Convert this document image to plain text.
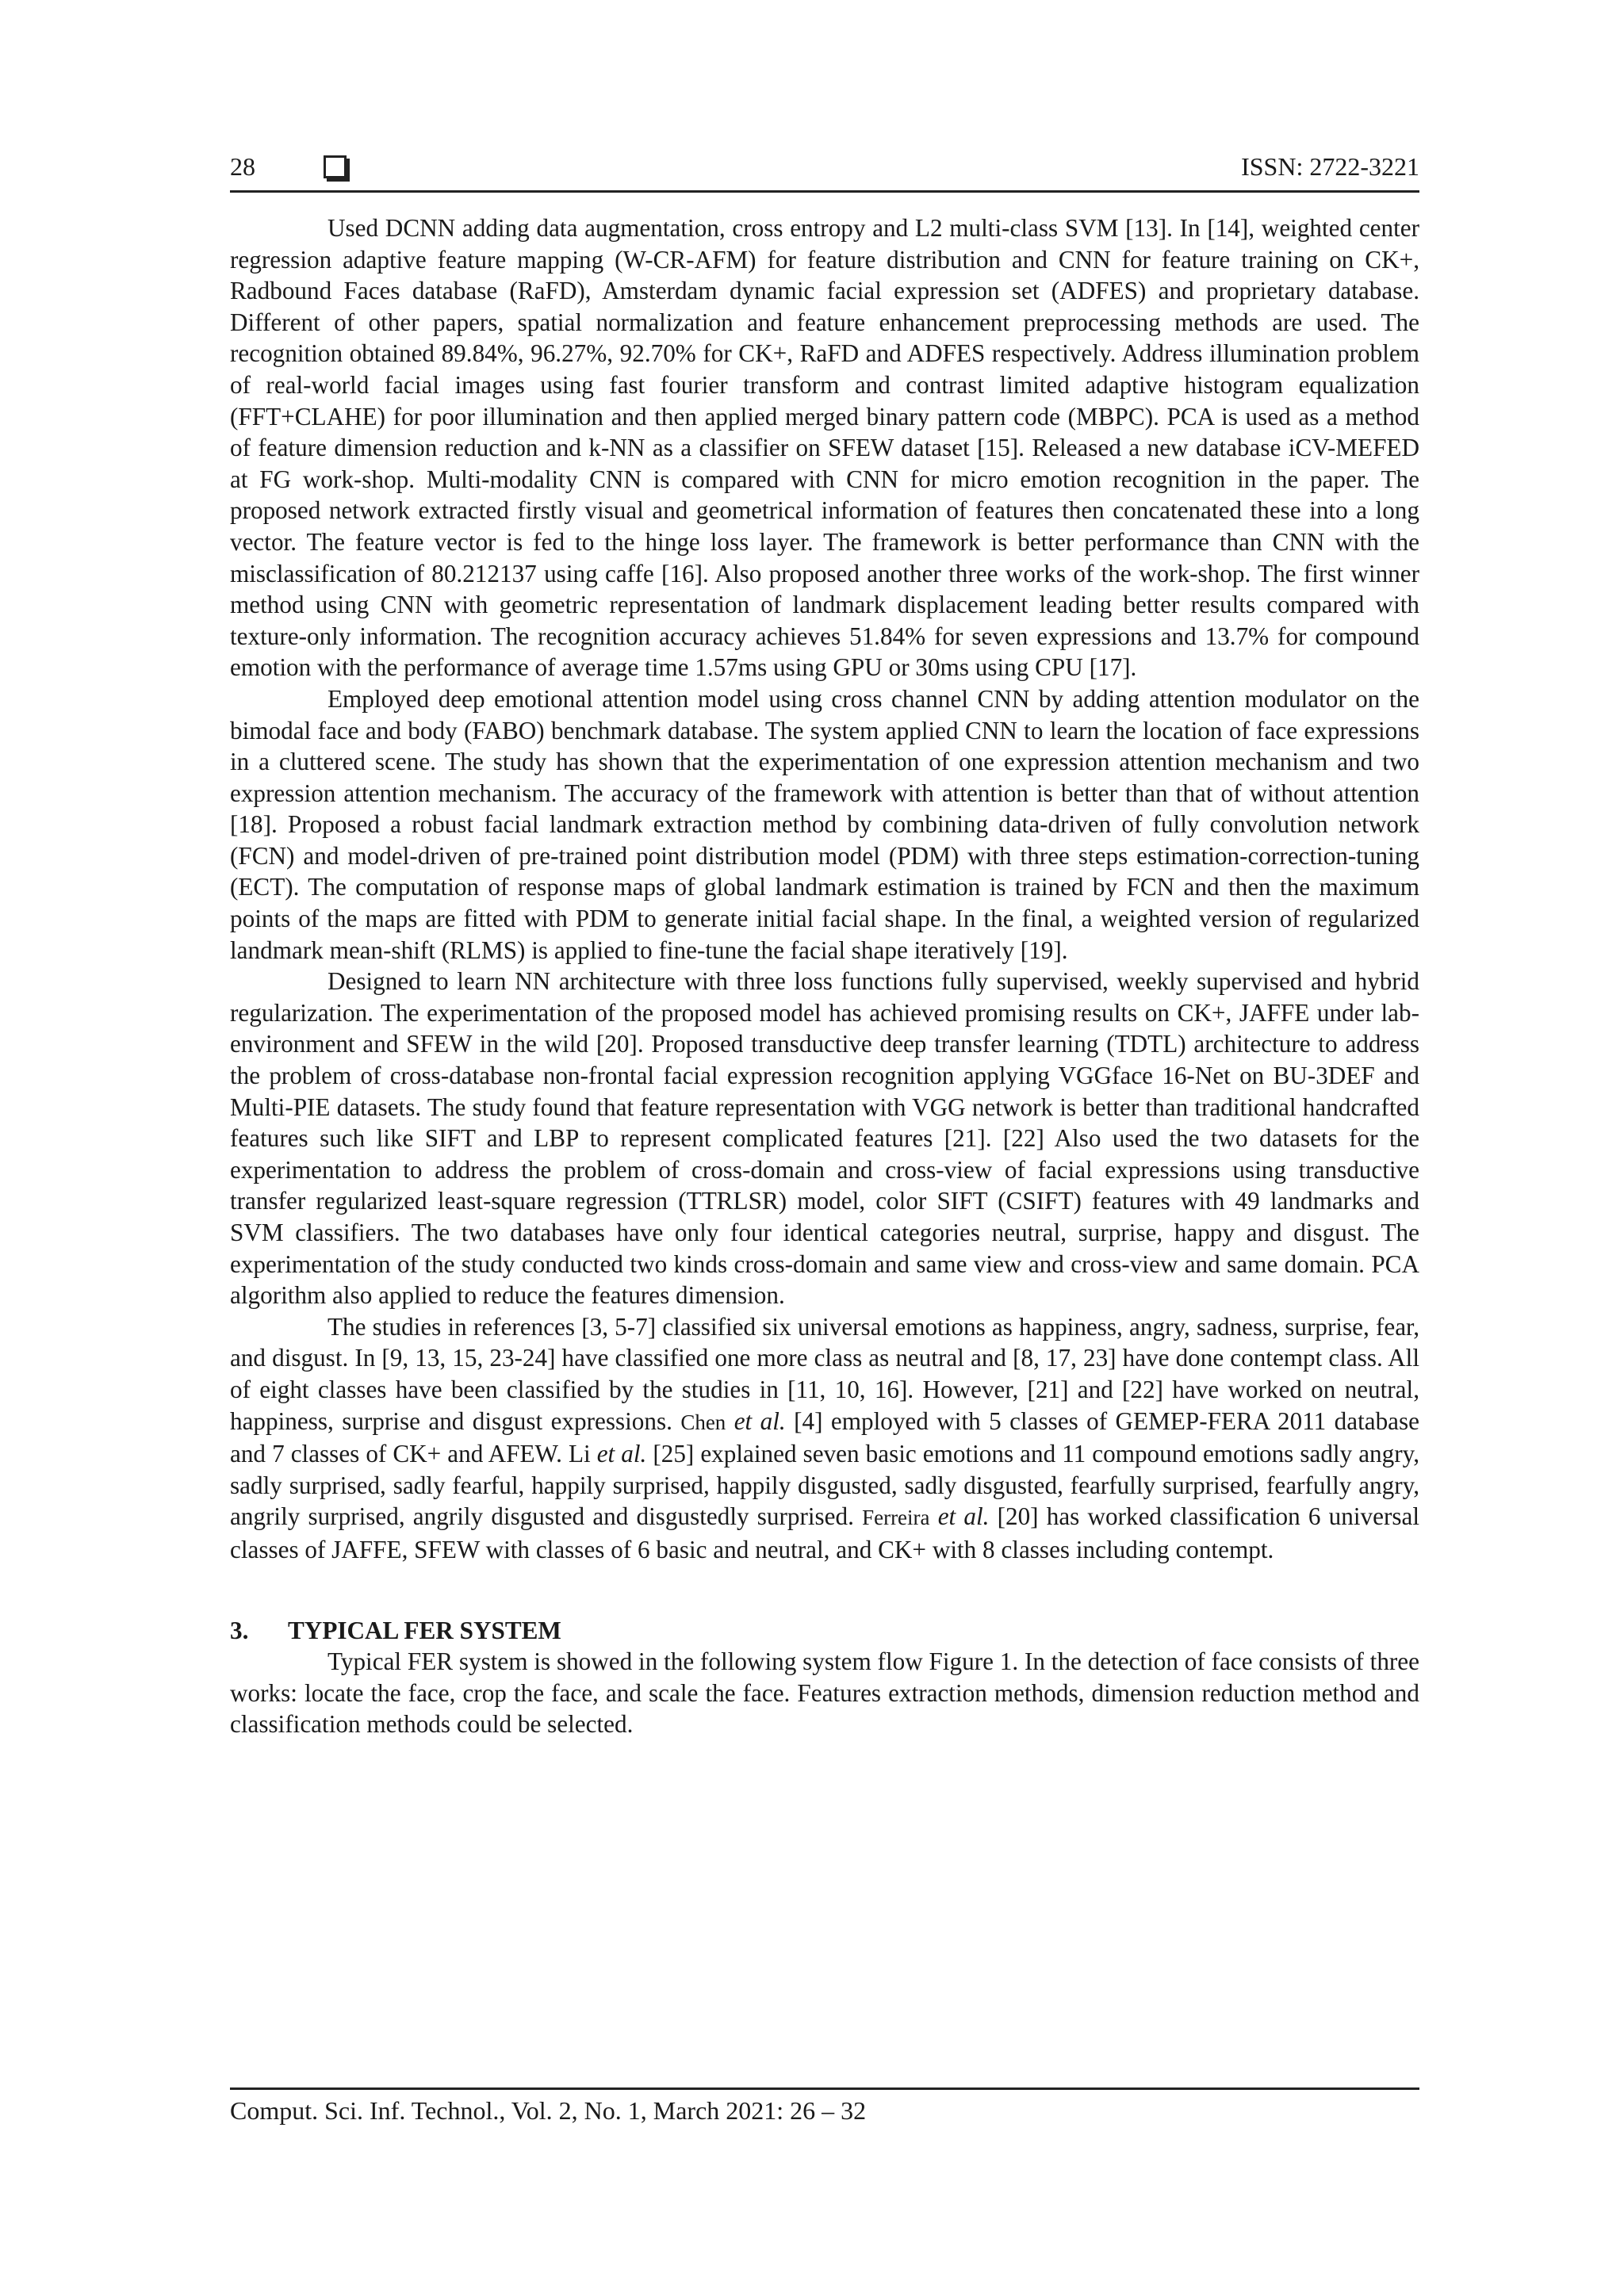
28	ISSN: 2722-3221

Used DCNN adding data augmentation, cross entropy and L2 multi-class SVM [13]. In [14], weighted center regression adaptive feature mapping (W-CR-AFM) for feature distribution and CNN for feature training on CK+, Radbound Faces database (RaFD), Amsterdam dynamic facial expression set (ADFES) and proprietary database. Different of other papers, spatial normalization and feature enhancement preprocessing methods are used. The recognition obtained 89.84%, 96.27%, 92.70% for CK+, RaFD and ADFES respectively. Address illumination problem of real-world facial images using fast fourier transform and contrast limited adaptive histogram equalization (FFT+CLAHE) for poor illumination and then applied merged binary pattern code (MBPC). PCA is used as a method of feature dimension reduction and k-NN as a classifier on SFEW dataset [15]. Released a new database iCV-MEFED at FG work-shop. Multi-modality CNN is compared with CNN for micro emotion recognition in the paper. The proposed network extracted firstly visual and geometrical information of features then concatenated these into a long vector. The feature vector is fed to the hinge loss layer. The framework is better performance than CNN with the misclassification of 80.212137 using caffe [16]. Also proposed another three works of the work-shop. The first winner method using CNN with geometric representation of landmark displacement leading better results compared with texture-only information. The recognition accuracy achieves 51.84% for seven expressions and 13.7% for compound emotion with the performance of average time 1.57ms using GPU or 30ms using CPU [17].

Employed deep emotional attention model using cross channel CNN by adding attention modulator on the bimodal face and body (FABO) benchmark database. The system applied CNN to learn the location of face expressions in a cluttered scene. The study has shown that the experimentation of one expression attention mechanism and two expression attention mechanism. The accuracy of the framework with attention is better than that of without attention [18]. Proposed a robust facial landmark extraction method by combining data-driven of fully convolution network (FCN) and model-driven of pre-trained point distribution model (PDM) with three steps estimation-correction-tuning (ECT). The computation of response maps of global landmark estimation is trained by FCN and then the maximum points of the maps are fitted with PDM to generate initial facial shape. In the final, a weighted version of regularized landmark mean-shift (RLMS) is applied to fine-tune the facial shape iteratively [19].

Designed to learn NN architecture with three loss functions fully supervised, weekly supervised and hybrid regularization. The experimentation of the proposed model has achieved promising results on CK+, JAFFE under lab-environment and SFEW in the wild [20]. Proposed transductive deep transfer learning (TDTL) architecture to address the problem of cross-database non-frontal facial expression recognition applying VGGface 16-Net on BU-3DEF and Multi-PIE datasets. The study found that feature representation with VGG network is better than traditional handcrafted features such like SIFT and LBP to represent complicated features [21]. [22] Also used the two datasets for the experimentation to address the problem of cross-domain and cross-view of facial expressions using transductive transfer regularized least-square regression (TTRLSR) model, color SIFT (CSIFT) features with 49 landmarks and SVM classifiers. The two databases have only four identical categories neutral, surprise, happy and disgust. The experimentation of the study conducted two kinds cross-domain and same view and cross-view and same domain. PCA algorithm also applied to reduce the features dimension.

The studies in references [3, 5-7] classified six universal emotions as happiness, angry, sadness, surprise, fear, and disgust. In [9, 13, 15, 23-24] have classified one more class as neutral and [8, 17, 23] have done contempt class. All of eight classes have been classified by the studies in [11, 10, 16]. However, [21] and [22] have worked on neutral, happiness, surprise and disgust expressions. Chen et al. [4] employed with 5 classes of GEMEP-FERA 2011 database and 7 classes of CK+ and AFEW. Li et al. [25] explained seven basic emotions and 11 compound emotions sadly angry, sadly surprised, sadly fearful, happily surprised, happily disgusted, sadly disgusted, fearfully surprised, fearfully angry, angrily surprised, angrily disgusted and disgustedly surprised. Ferreira et al. [20] has worked classification 6 universal classes of JAFFE, SFEW with classes of 6 basic and neutral, and CK+ with 8 classes including contempt.

3. TYPICAL FER SYSTEM

Typical FER system is showed in the following system flow Figure 1. In the detection of face consists of three works: locate the face, crop the face, and scale the face. Features extraction methods, dimension reduction method and classification methods could be selected.

Comput. Sci. Inf. Technol., Vol. 2, No. 1, March 2021: 26 – 32
